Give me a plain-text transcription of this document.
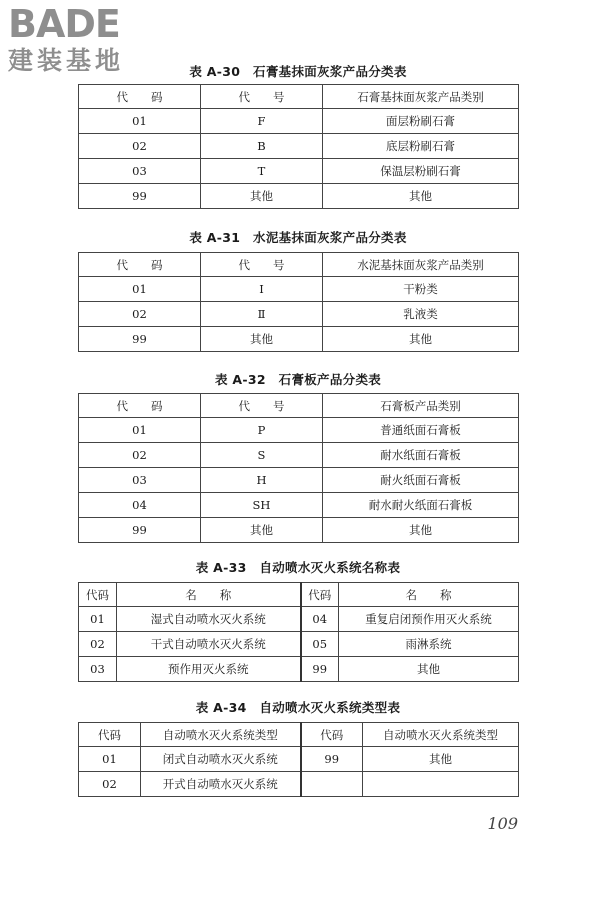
BADE
建装基地	表 A-30　石膏基抹面灰浆产品分类表
代　　码	代　　号	石膏基抹面灰浆产品类别
01	F	面层粉刷石膏
02	B	底层粉刷石膏
03	T	保温层粉刷石膏
99	其他	其他
表 A-31　水泥基抹面灰浆产品分类表
代　　码	代　　号	水泥基抹面灰浆产品类别
01	Ⅰ	干粉类
02	Ⅱ	乳液类
99	其他	其他
表 A-32　石膏板产品分类表
代　　码	代　　号	石膏板产品类别
01	P	普通纸面石膏板
02	S	耐水纸面石膏板
03	H	耐火纸面石膏板
04	SH	耐水耐火纸面石膏板
99	其他	其他
表 A-33　自动喷水灭火系统名称表
代码	名　　称	代码	名　　称
01	湿式自动喷水灭火系统	04	重复启闭预作用灭火系统
02	干式自动喷水灭火系统	05	雨淋系统
03	预作用灭火系统	99	其他
表 A-34　自动喷水灭火系统类型表
代码	自动喷水灭火系统类型	代码	自动喷水灭火系统类型
01	闭式自动喷水灭火系统	99	其他
02	开式自动喷水灭火系统		
109
